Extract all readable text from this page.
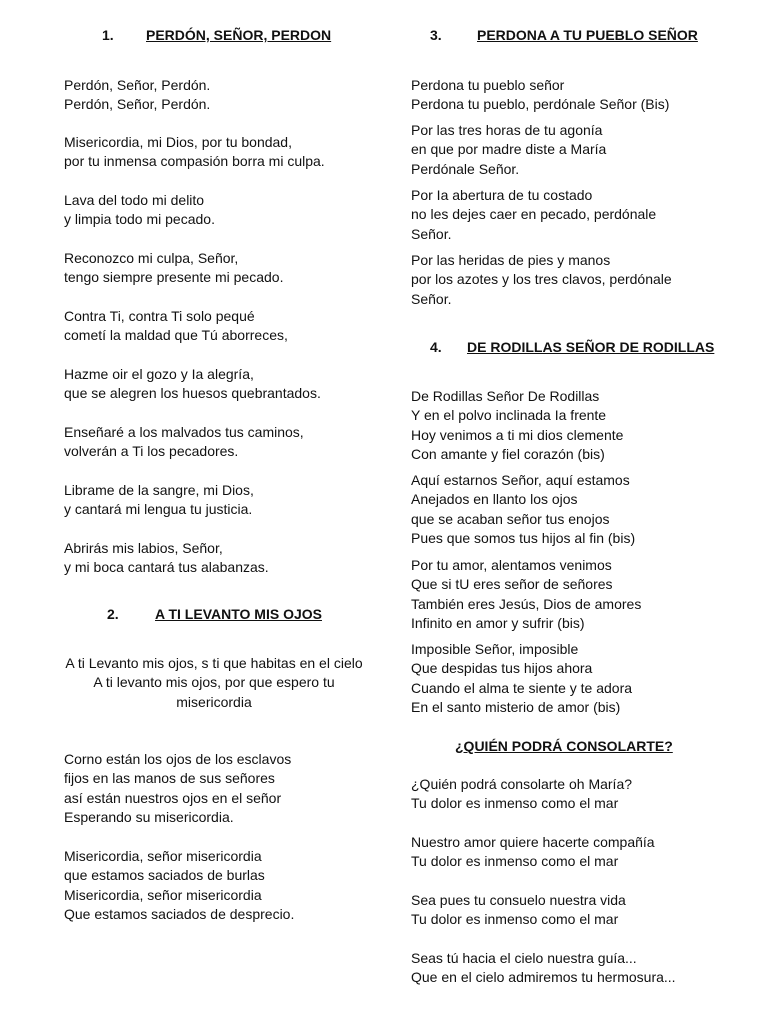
1. PERDÓN, SEÑOR, PERDON
Perdón, Señor, Perdón.
Perdón, Señor, Perdón.
Misericordia, mi Dios, por tu bondad,
por tu inmensa compasión borra mi culpa.
Lava del todo mi delito
y limpia todo mi pecado.
Reconozco mi culpa, Señor,
tengo siempre presente mi pecado.
Contra Ti, contra Ti solo pequé
cometí la maldad que Tú aborreces,
Hazme oir el gozo y Ia alegría,
que se alegren los huesos quebrantados.
Enseñaré a los malvados tus caminos,
volverán a Ti los pecadores.
Librame de la sangre, mi Dios,
y cantará mi lengua tu justicia.
Abrirás mis labios, Señor,
y mi boca cantará tus alabanzas.
2.	A TI LEVANTO MIS OJOS
A ti Levanto mis ojos, s ti que habitas en el cielo
A ti levanto mis ojos, por que espero tu misericordia
Corno están los ojos de los esclavos
fijos en las manos de sus señores
así están nuestros ojos en el señor
Esperando su misericordia.
Misericordia, señor misericordia
que estamos saciados de burlas
Misericordia, señor misericordia
Que estamos saciados de desprecio.
3.	PERDONA A TU PUEBLO SEÑOR
Perdona tu pueblo señor
Perdona tu pueblo, perdónale Señor (Bis)
Por las tres horas de tu agonía
en que por madre diste a María
Perdónale Señor.
Por Ia abertura de tu costado
no les dejes caer en pecado, perdónale
Señor.
Por las heridas de pies y manos
por los azotes y los tres clavos, perdónale
Señor.
4. DE RODILLAS SEÑOR DE RODILLAS
De Rodillas Señor De Rodillas
Y en el polvo inclinada Ia frente
Hoy venimos a ti mi dios clemente
Con amante y fiel corazón (bis)
Aquí estarnos Señor, aquí estamos
Anejados en llanto los ojos
que se acaban señor tus enojos
Pues que somos tus hijos al fin (bis)
Por tu amor, alentamos venimos
Que si tU eres señor de señores
También eres Jesús, Dios de amores
Infinito en amor y sufrir (bis)
Imposible Señor, imposible
Que despidas tus hijos ahora
Cuando el alma te siente y te adora
En el santo misterio de amor (bis)
¿QUIÉN PODRÁ CONSOLARTE?
¿Quién podrá consolarte oh María?
Tu dolor es inmenso como el mar
Nuestro amor quiere hacerte compañía
Tu dolor es inmenso como el mar
Sea pues tu consuelo nuestra vida
Tu dolor es inmenso como el mar
Seas tú hacia el cielo nuestra guía...
Que en el cielo admiremos tu hermosura...
